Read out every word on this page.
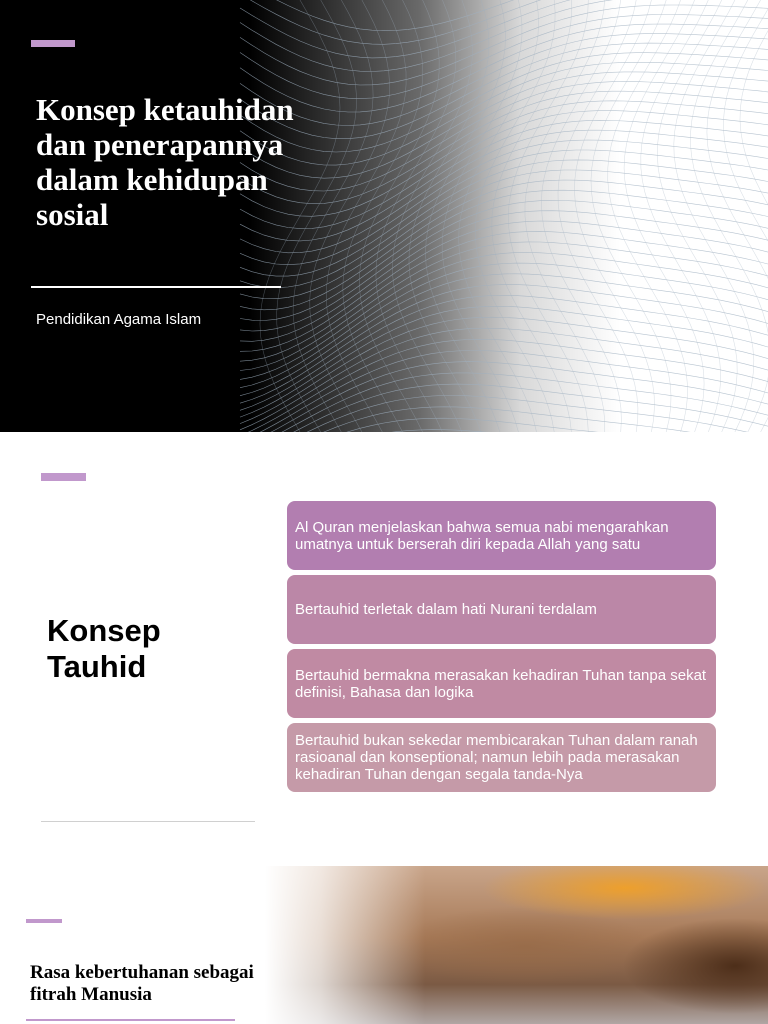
Konsep ketauhidan dan penerapannya dalam kehidupan sosial
Pendidikan Agama Islam
Konsep Tauhid
Al Quran menjelaskan bahwa semua nabi mengarahkan umatnya untuk berserah diri kepada Allah yang satu
Bertauhid terletak dalam hati Nurani terdalam
Bertauhid bermakna merasakan kehadiran Tuhan tanpa sekat definisi, Bahasa dan logika
Bertauhid bukan sekedar membicarakan Tuhan dalam ranah rasioanal dan konseptional; namun lebih pada merasakan kehadiran Tuhan dengan segala tanda-Nya
Rasa kebertuhanan sebagai fitrah Manusia
